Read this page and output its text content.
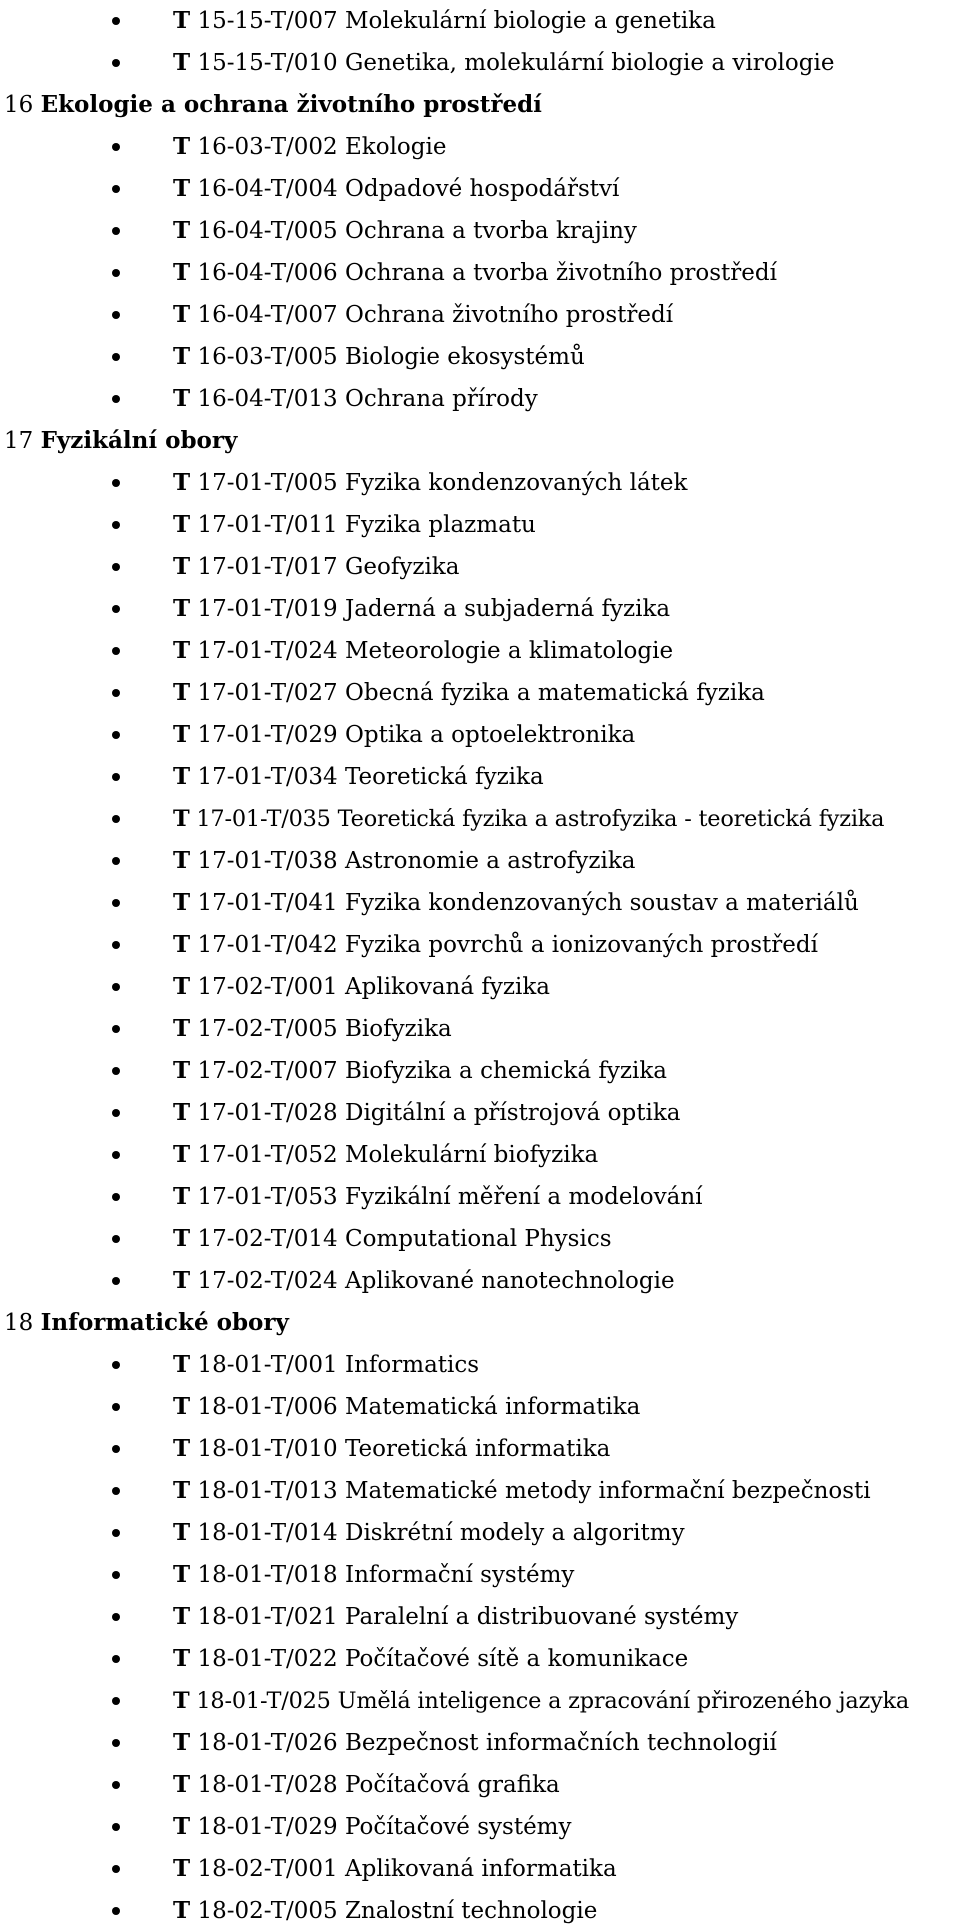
T 15-15-T/007 Molekulární biologie a genetika
T 15-15-T/010 Genetika, molekulární biologie a virologie
16 Ekologie a ochrana životního prostředí
T 16-03-T/002 Ekologie
T 16-04-T/004 Odpadové hospodářství
T 16-04-T/005 Ochrana a tvorba krajiny
T 16-04-T/006 Ochrana a tvorba životního prostředí
T 16-04-T/007 Ochrana životního prostředí
T 16-03-T/005 Biologie ekosystémů
T 16-04-T/013 Ochrana přírody
17 Fyzikální obory
T 17-01-T/005 Fyzika kondenzovaných látek
T 17-01-T/011 Fyzika plazmatu
T 17-01-T/017 Geofyzika
T 17-01-T/019 Jaderná a subjaderná fyzika
T 17-01-T/024 Meteorologie a klimatologie
T 17-01-T/027 Obecná fyzika a matematická fyzika
T 17-01-T/029 Optika a optoelektronika
T 17-01-T/034 Teoretická fyzika
T 17-01-T/035 Teoretická fyzika a astrofyzika - teoretická fyzika
T 17-01-T/038 Astronomie a astrofyzika
T 17-01-T/041 Fyzika kondenzovaných soustav a materiálů
T 17-01-T/042 Fyzika povrchů a ionizovaných prostředí
T 17-02-T/001 Aplikovaná fyzika
T 17-02-T/005 Biofyzika
T 17-02-T/007 Biofyzika a chemická fyzika
T 17-01-T/028 Digitální a přístrojová optika
T 17-01-T/052 Molekulární biofyzika
T 17-01-T/053 Fyzikální měření a modelování
T 17-02-T/014 Computational Physics
T 17-02-T/024 Aplikované nanotechnologie
18 Informatické obory
T 18-01-T/001 Informatics
T 18-01-T/006 Matematická informatika
T 18-01-T/010 Teoretická informatika
T 18-01-T/013 Matematické metody informační bezpečnosti
T 18-01-T/014 Diskrétní modely a algoritmy
T 18-01-T/018 Informační systémy
T 18-01-T/021 Paralelní a distribuované systémy
T 18-01-T/022 Počítačové sítě a komunikace
T 18-01-T/025 Umělá inteligence a zpracování přirozeného jazyka
T 18-01-T/026 Bezpečnost informačních technologií
T 18-01-T/028 Počítačová grafika
T 18-01-T/029 Počítačové systémy
T 18-02-T/001 Aplikovaná informatika
T 18-02-T/005 Znalostní technologie
